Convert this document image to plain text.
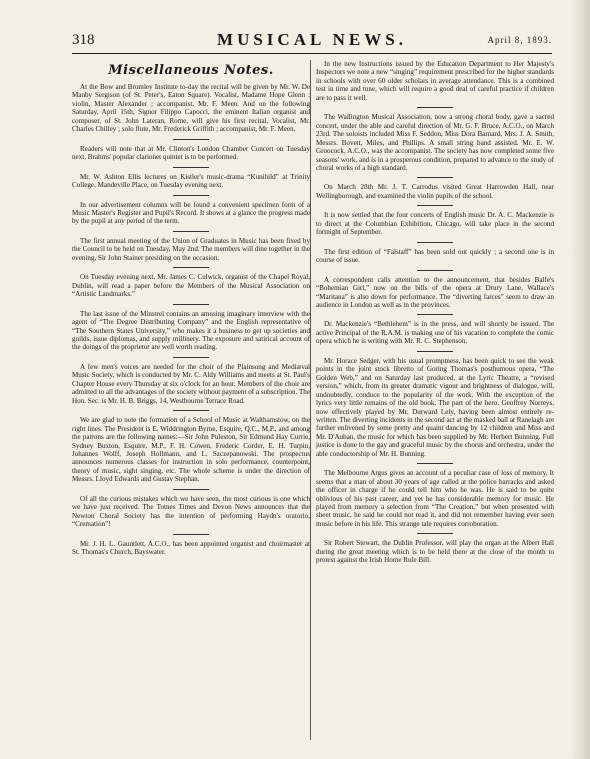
318	MUSICAL NEWS.	April 8, 1893.
Miscellaneous Notes.

At the Bow and Bromley Institute to-day the recital will be given by Mr. W. De Manby Sergison (of St. Peter's, Eaton Square). Vocalist, Madame Hope Glenn ; violin, Master Alexander ; accompanist, Mr. F. Meen. And on the following Saturday, April 15th, Signor Filippo Capocci, the eminent Italian organist and composer, of St. John Lateran, Rome, will give his first recital. Vocalist, Mr. Charles Chilley ; solo flute, Mr. Frederick Griffith ; accompanist, Mr. F. Meen.

Readers will note that at Mr. Clinton's London Chamber Concert on Tuesday next, Brahms' popular clarionet quintet is to be performed.

Mr. W. Ashton Ellis lectures on Kistler's music-drama “Kunihild” at Trinity College, Mandeville Place, on Tuesday evening next.

In our advertisement columns will be found a convenient specimen form of a Music Master's Register and Pupil's Record. It shows at a glance the progress made by the pupil at any period of the term.

The first annual meeting of the Union of Graduates in Music has been fixed by the Council to be held on Tuesday, May 2nd. The members will dine together in the evening, Sir John Stainer presiding on the occasion.

On Tuesday evening next, Mr. James C. Culwick, organist of the Chapel Royal, Dublin, will read a paper before the Members of the Musical Association on “Artistic Landmarks.”

The last issue of the Minstrel contains an amusing imaginary interview with the agent of “The Degree Distributing Company” and the English representative of “The Southern States University,” who makes it a business to get up societies and guilds, issue diplomas, and supply millinery. The exposure and satirical account of the doings of the proprietor are well worth reading.

A few men's voices are needed for the choir of the Plainsong and Mediæval Music Society, which is conducted by Mr. C. Aldy Williams and meets at St. Paul's Chapter House every Thursday at six o'clock for an hour. Members of the choir are admitted to all the advantages of the society without payment of a subscription. The Hon. Sec. is Mr. H. B. Briggs, 14, Westbourne Terrace Road.

We are glad to note the formation of a School of Music at Walthamstow, on the right lines. The President is E. Widdrington Byrne, Esquire, Q.C., M.P., and among the patrons are the following names:—Sir John Puleston, Sir Edmund Hay Currie, Sydney Buxton, Esquire, M.P., F. H. Cowen, Frederic Corder, E. H. Turpin, Johannes Wolff, Joseph Hollmann, and L. Szczepanowski. The prospectus announces numerous classes for instruction in solo performance, counterpoint, theory of music, sight singing, etc. The whole scheme is under the direction of Messrs. Lloyd Edwards and Gustav Stephan.

Of all the curious mistakes which we have seen, the most curious is one which we have just received. The Totnes Times and Devon News announces that the Newton Choral Society has the intention of performing Haydn's oratorio, “Cremation”!

Mr. J. H. L. Gauntlett, A.C.O., has been appointed organist and choirmaster at St. Thomas's Church, Bayswater.

In the new Instructions issued by the Education Department to Her Majesty's Inspectors we note a new “singing” requirement prescribed for the higher standards in schools with over 60 older scholars in average attendance. This is a combined test in time and tune, which will require a good deal of careful practice if children are to pass it well.

The Wallington Musical Association, now a strong choral body, gave a sacred concert, under the able and careful direction of Mr. G. F. Bruce, A.C.O., on March 23rd. The soloists included Miss F. Seddon, Miss Dora Barnard, Mrs. J. A. Smith, Messrs. Bovett, Miles, and Phillips. A small string band assisted. Mr. E. W. Groocock, A.C.O., was the accompanist. The society has now completed some five seasons' work, and is in a prosperous condition, prepared to advance to the study of choral works of a high standard.

On March 28th Mr. J. T. Carrodus visited Great Harrowden Hall, near Wellingborough, and examined the violin pupils of the school.

It is now settled that the four concerts of English music Dr. A. C. Mackenzie is to direct at the Columbian Exhibition, Chicago, will take place in the second fortnight of September.

The first edition of “Falstaff” has been sold out quickly ; a second one is in course of issue.

A correspondent calls attention to the announcement, that besides Balfe's “Bohemian Girl,” now on the bills of the opera at Drury Lane, Wallace's “Maritana” is also down for performance. The “diverting farces” seem to draw an audience in London as well as in the provinces.

Dr. Mackenzie's “Bethlehem” is in the press, and will shortly be issued. The active Principal of the R.A.M. is making use of his vacation to complete the comic opera which he is writing with Mr. R. C. Stephenson.

Mr. Horace Sedger, with his usual promptness, has been quick to see the weak points in the joint stock libretto of Goring Thomas's posthumous opera, “The Golden Web,” and on Saturday last produced, at the Lyric Theatre, a “revised version,” which, from its greater dramatic vigour and brightness of dialogue, will, undoubtedly, conduce to the popularity of the work. With the exception of the lyrics very little remains of the old book. The part of the hero, Geoffrey Norreys, now effectively played by Mr. Durward Lely, having been almost entirely re-written. The diverting incidents in the second act at the masked ball at Ranelagh are further enlivened by some pretty and quaint dancing by 12 children and Miss and Mr. D'Auban, the music for which has been supplied by Mr. Herbert Bunning. Full justice is done to the gay and graceful music by the chorus and orchestra, under the able conductorship of Mr. H. Bunning.

The Melbourne Argus gives an account of a peculiar case of loss of memory. It seems that a man of about 30 years of age called at the police barracks and asked the officer in charge if he could tell him who he was. He is said to be quite oblivious of his past career, and yet he has considerable memory for music. He played from memory a selection from “The Creation,” but when presented with sheet music, he said he could not read it, and did not remember having ever seen music before in his life. This strange tale requires corroboration.

Sir Robert Stewart, the Dublin Professor, will play the organ at the Albert Hall during the great meeting which is to be held there at the close of the month to protest against the Irish Home Rule Bill.
